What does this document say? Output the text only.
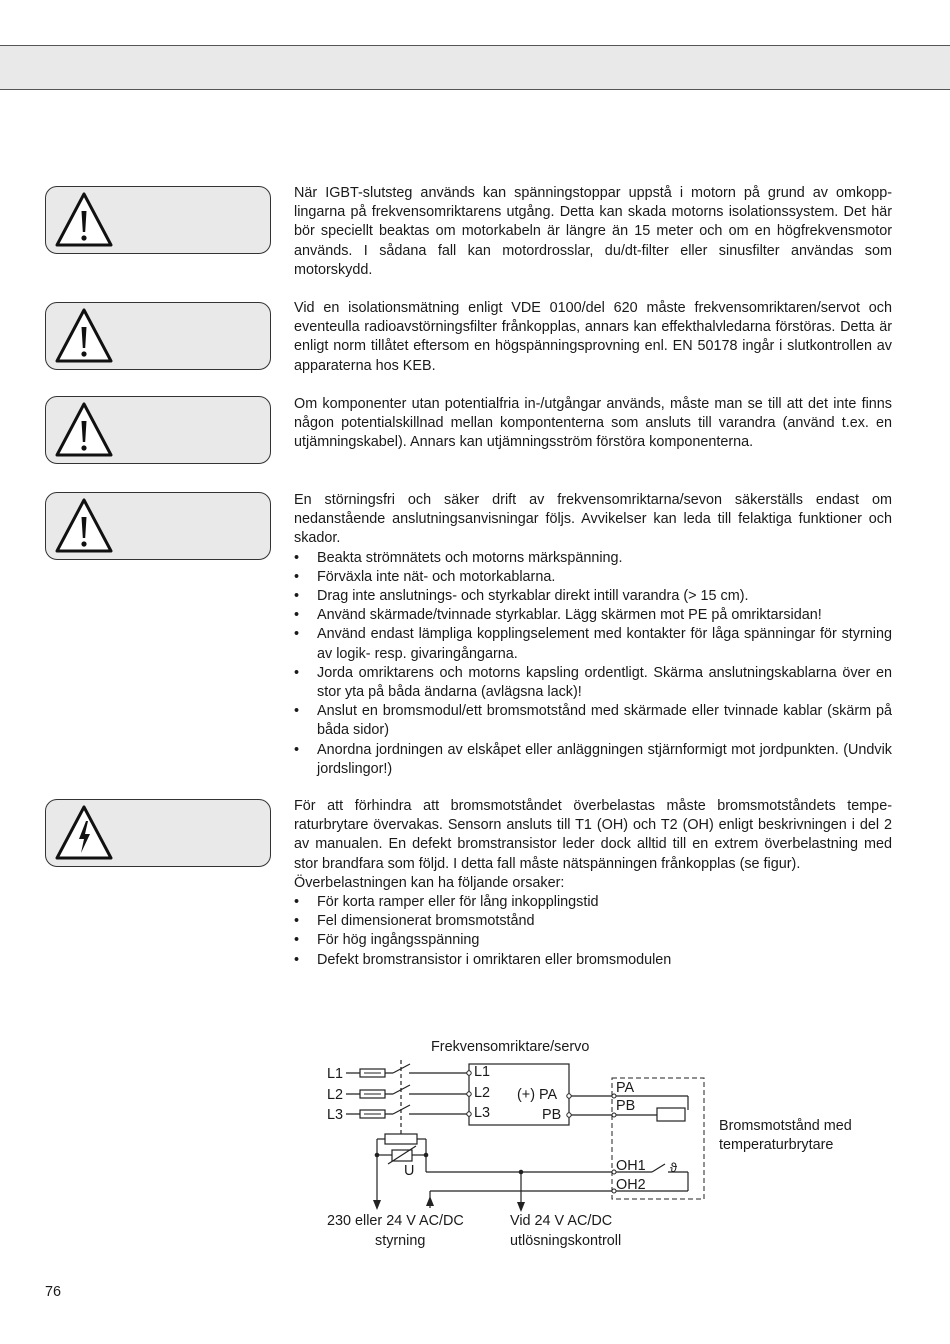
När IGBT-slutsteg används kan spänningstoppar uppstå i motorn på grund av omkopp-lingarna på frekvensomriktarens utgång. Detta kan skada motorns isolationssystem. Det här bör speciellt beaktas om motorkabeln är längre än 15 meter och om en högfrekvensmotor används. I sådana fall kan motordrosslar, du/dt-filter eller sinusfilter användas som motorskydd.

Vid en isolationsmätning enligt VDE 0100/del 620 måste frekvensomriktaren/servot och eventeulla radioavstörningsfilter frånkopplas, annars kan effekthalvledarna förstöras. Detta är enligt norm tillåtet eftersom en högspänningsprovning enl. EN 50178 ingår i slutkontrollen av apparaterna hos KEB.

Om komponenter utan potentialfria in-/utgångar används, måste man se till att det inte finns någon potentialskillnad mellan kompontenterna som ansluts till varandra (använd t.ex. en utjämningskabel). Annars kan utjämningsström förstöra komponenterna.

En störningsfri och säker drift av frekvensomriktarna/sevon säkerställs endast om nedanstående anslutningsanvisningar följs. Avvikelser kan leda till felaktiga funktioner och skador.

• Beakta strömnätets och motorns märkspänning.
• Förväxla inte nät- och motorkablarna.
• Drag inte anslutnings- och styrkablar direkt intill varandra (> 15 cm).
• Använd skärmade/tvinnade styrkablar. Lägg skärmen mot PE på omriktarsidan!
• Använd endast lämpliga kopplingselement med kontakter för låga spänningar för styrning av logik- resp. givaringångarna.
• Jorda omriktarens och motorns kapsling ordentligt. Skärma anslutningskablarna över en stor yta på båda ändarna (avlägsna lack)!
• Anslut en bromsmodul/ett bromsmotstånd med skärmade eller tvinnade kablar (skärm på båda sidor)
• Anordna jordningen av elskåpet eller anläggningen stjärnformigt mot jordpunkten. (Undvik jordslingor!)

För att förhindra att bromsmotståndet överbelastas måste bromsmotståndets tempe-raturbrytare övervakas. Sensorn ansluts till T1 (OH) och T2 (OH) enligt beskrivningen i del 2 av manualen. En defekt bromstransistor leder dock alltid till en extrem överbelastning med stor brandfara som följd. I detta fall måste nätspänningen frånkopplas (se figur).

Överbelastningen kan ha följande orsaker:

• För korta ramper eller för lång inkopplingstid
• Fel dimensionerat bromsmotstånd
• För hög ingångsspänning
• Defekt bromstransistor i omriktaren eller bromsmodulen
Frekvensomriktare/servo
L1
L2
L3
L1
L2
L3
(+) PA
PB
PA
PB
OH1
OH2
ϑ
U
Bromsmotstånd med
temperaturbrytare
230 eller 24 V AC/DC
styrning
Vid 24 V AC/DC
utlösningskontroll
76
